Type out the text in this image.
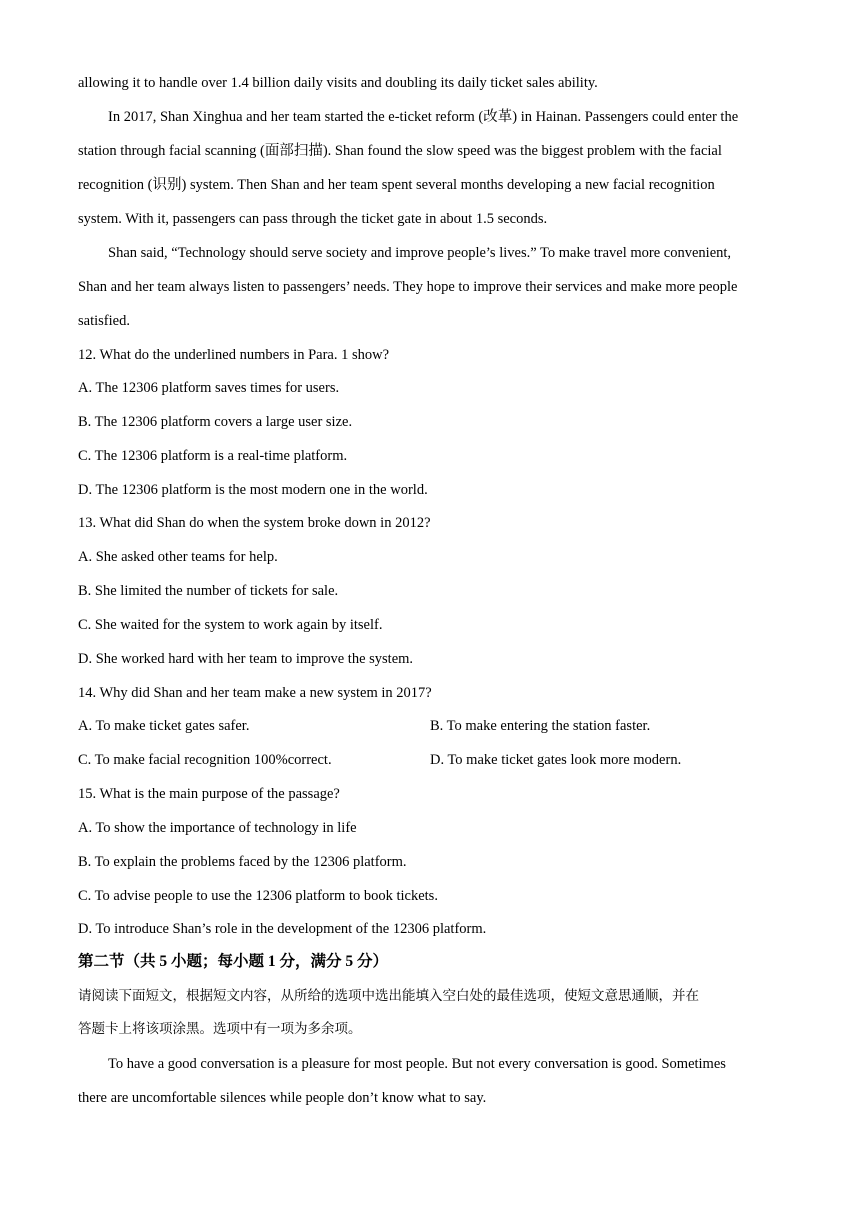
allowing it to handle over 1.4 billion daily visits and doubling its daily ticket sales ability.
In 2017, Shan Xinghua and her team started the e-ticket reform (改革) in Hainan. Passengers could enter the
station through facial scanning (面部扫描). Shan found the slow speed was the biggest problem with the facial
recognition (识别) system. Then Shan and her team spent several months developing a new facial recognition
system. With it, passengers can pass through the ticket gate in about 1.5 seconds.
Shan said, “Technology should serve society and improve people’s lives.” To make travel more convenient,
Shan and her team always listen to passengers’ needs. They hope to improve their services and make more people
satisfied.
12. What do the underlined numbers in Para. 1 show?
A. The 12306 platform saves times for users.
B. The 12306 platform covers a large user size.
C. The 12306 platform is a real-time platform.
D. The 12306 platform is the most modern one in the world.
13. What did Shan do when the system broke down in 2012?
A. She asked other teams for help.
B. She limited the number of tickets for sale.
C. She waited for the system to work again by itself.
D. She worked hard with her team to improve the system.
14. Why did Shan and her team make a new system in 2017?
A. To make ticket gates safer.	B. To make entering the station faster.
C. To make facial recognition 100%correct.	D. To make ticket gates look more modern.
15. What is the main purpose of the passage?
A. To show the importance of technology in life
B. To explain the problems faced by the 12306 platform.
C. To advise people to use the 12306 platform to book tickets.
D. To introduce Shan’s role in the development of the 12306 platform.
第二节（共 5 小题；每小题 1 分，满分 5 分）
请阅读下面短文，根据短文内容，从所给的选项中选出能填入空白处的最佳选项，使短文意思通顺，并在
答题卡上将该项涂黑。选项中有一项为多余项。
To have a good conversation is a pleasure for most people. But not every conversation is good. Sometimes
there are uncomfortable silences while people don’t know what to say.
